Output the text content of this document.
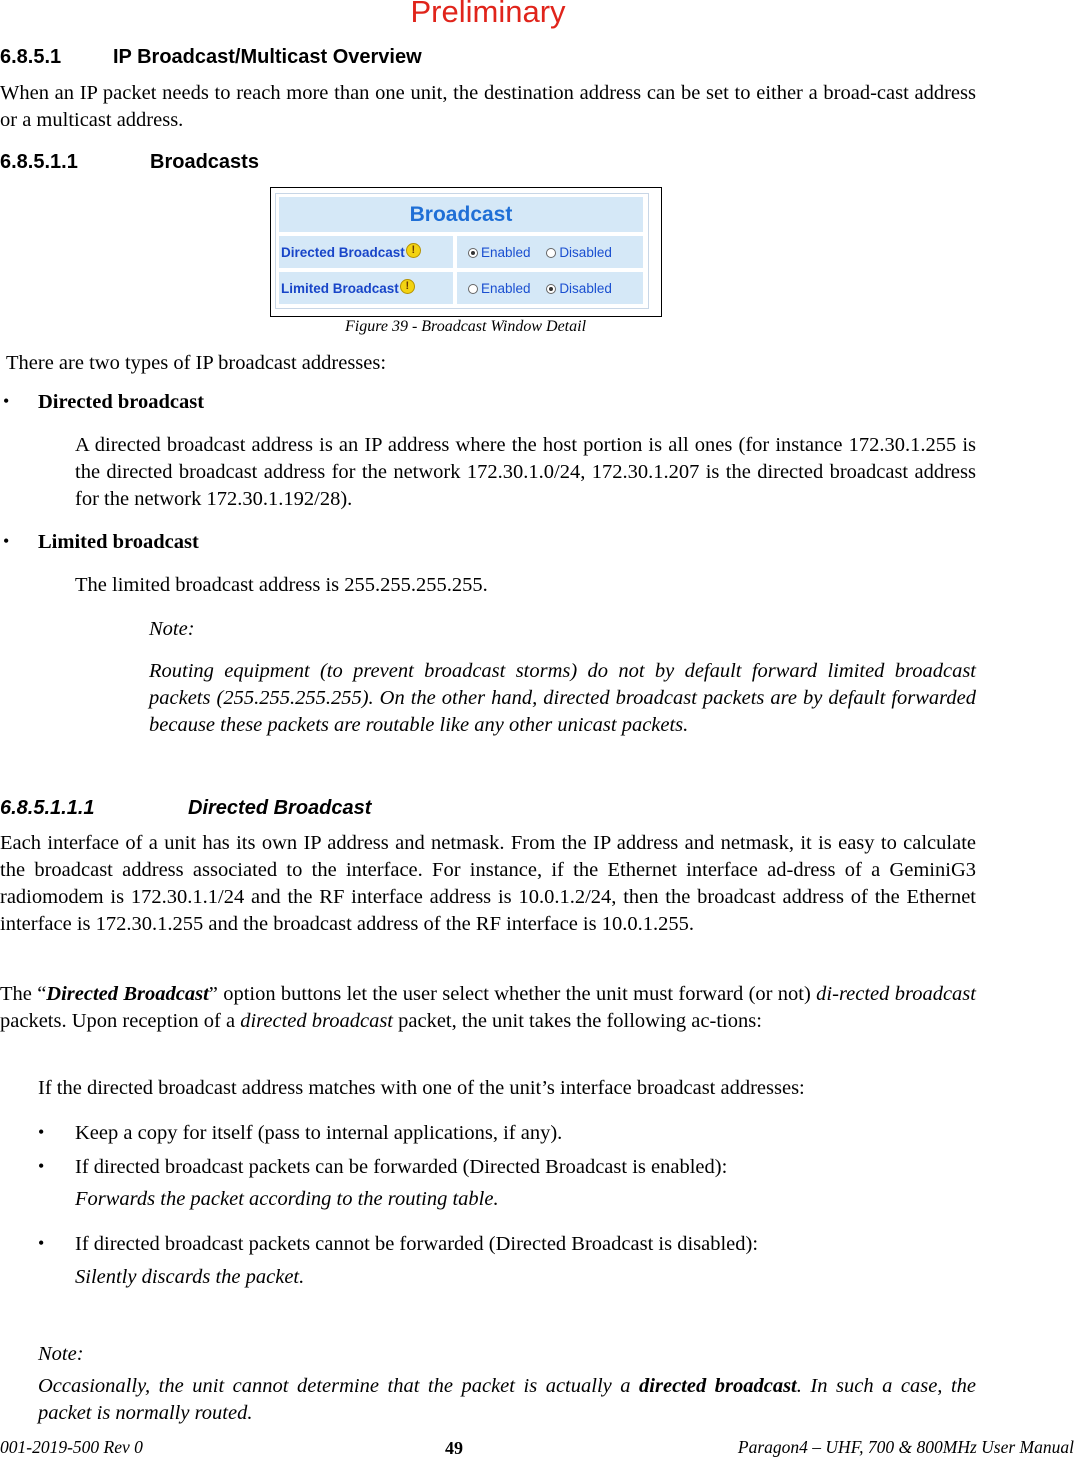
Preliminary
6.8.5.1	IP Broadcast/Multicast Overview
When an IP packet needs to reach more than one unit, the destination address can be set to either a broad-cast address or a multicast address.
6.8.5.1.1	Broadcasts
Broadcast
Directed Broadcast !	Enabled Disabled
Limited Broadcast !	Enabled Disabled
Figure 39 - Broadcast Window Detail
There are two types of IP broadcast addresses:
• Directed broadcast
A directed broadcast address is an IP address where the host portion is all ones (for instance 172.30.1.255 is the directed broadcast address for the network 172.30.1.0/24, 172.30.1.207 is the directed broadcast address for the network 172.30.1.192/28).
• Limited broadcast
The limited broadcast address is 255.255.255.255.
Note:
Routing equipment (to prevent broadcast storms) do not by default forward limited broadcast packets (255.255.255.255). On the other hand, directed broadcast packets are by default forwarded because these packets are routable like any other unicast packets.
6.8.5.1.1.1	Directed Broadcast
Each interface of a unit has its own IP address and netmask. From the IP address and netmask, it is easy to calculate the broadcast address associated to the interface. For instance, if the Ethernet interface ad-dress of a GeminiG3 radiomodem is 172.30.1.1/24 and the RF interface address is 10.0.1.2/24, then the broadcast address of the Ethernet interface is 172.30.1.255 and the broadcast address of the RF interface is 10.0.1.255.
The “Directed Broadcast” option buttons let the user select whether the unit must forward (or not) di-rected broadcast packets. Upon reception of a directed broadcast packet, the unit takes the following ac-tions:
If the directed broadcast address matches with one of the unit’s interface broadcast addresses:
• Keep a copy for itself (pass to internal applications, if any).
• If directed broadcast packets can be forwarded (Directed Broadcast is enabled):
Forwards the packet according to the routing table.
• If directed broadcast packets cannot be forwarded (Directed Broadcast is disabled):
Silently discards the packet.
Note:
Occasionally, the unit cannot determine that the packet is actually a directed broadcast. In such a case, the packet is normally routed.
001-2019-500 Rev 0	49	Paragon4 – UHF, 700 & 800MHz User Manual
